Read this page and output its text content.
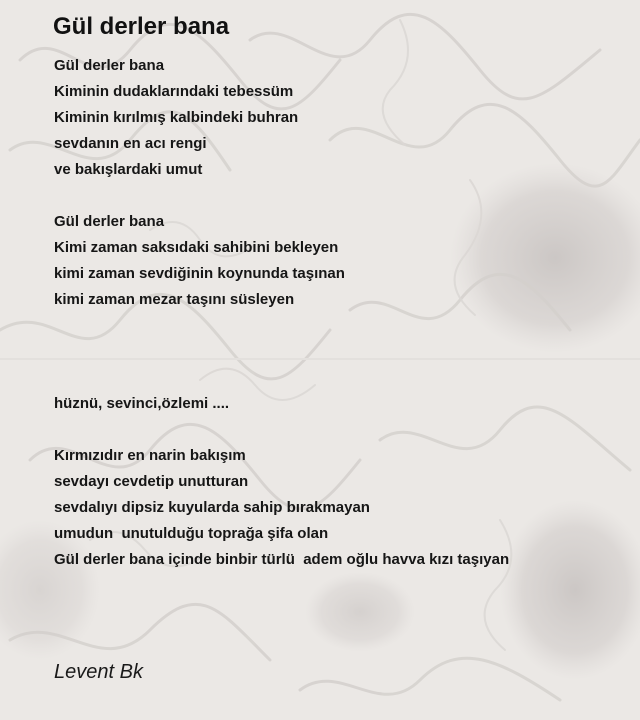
Gül derler bana
Gül derler bana
Kiminin dudaklarındaki tebessüm
Kiminin kırılmış kalbindeki buhran
sevdanın en acı rengi
ve bakışlardaki umut
Gül derler bana
Kimi zaman saksıdaki sahibini bekleyen
kimi zaman sevdiğinin koynunda taşınan
kimi zaman mezar taşını süsleyen
hüznü, sevinci,özlemi ....
Kırmızıdır en narin bakışım
sevdayı cevdetip unutturan
sevdalıyı dipsiz kuyularda sahip bırakmayan
umudun  unutulduğu toprağa şifa olan
Gül derler bana içinde binbir türlü  adem oğlu havva kızı taşıyan
Levent Bk
